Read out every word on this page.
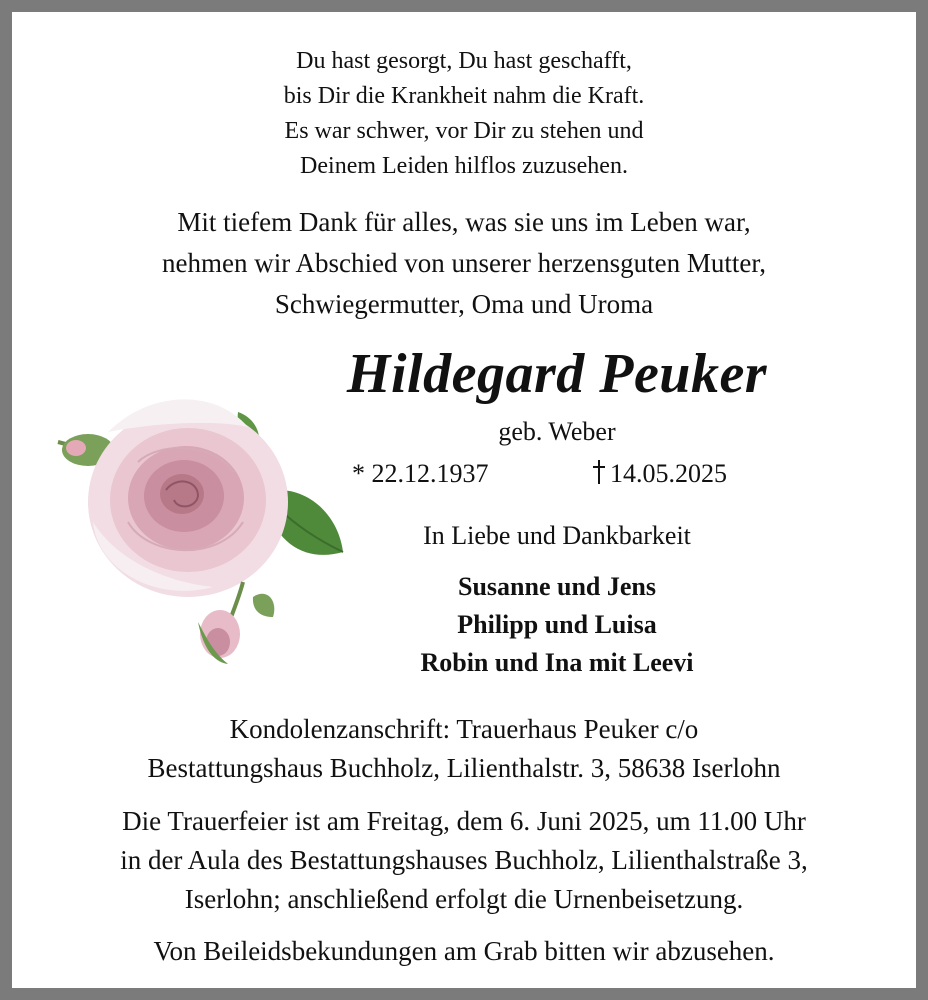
Du hast gesorgt, Du hast geschafft,
bis Dir die Krankheit nahm die Kraft.
Es war schwer, vor Dir zu stehen und
Deinem Leiden hilflos zuzusehen.
Mit tiefem Dank für alles, was sie uns im Leben war,
nehmen wir Abschied von unserer herzensguten Mutter,
Schwiegermutter, Oma und Uroma
Hildegard Peuker
geb. Weber
* 22.12.1937	14.05.2025
In Liebe und Dankbarkeit
Susanne und Jens
Philipp und Luisa
Robin und Ina mit Leevi
Kondolenzanschrift: Trauerhaus Peuker c/o
Bestattungshaus Buchholz, Lilienthalstr. 3, 58638 Iserlohn
Die Trauerfeier ist am Freitag, dem 6. Juni 2025, um 11.00 Uhr
in der Aula des Bestattungshauses Buchholz, Lilienthalstraße 3,
Iserlohn; anschließend erfolgt die Urnenbeisetzung.
Von Beileidsbekundungen am Grab bitten wir abzusehen.
